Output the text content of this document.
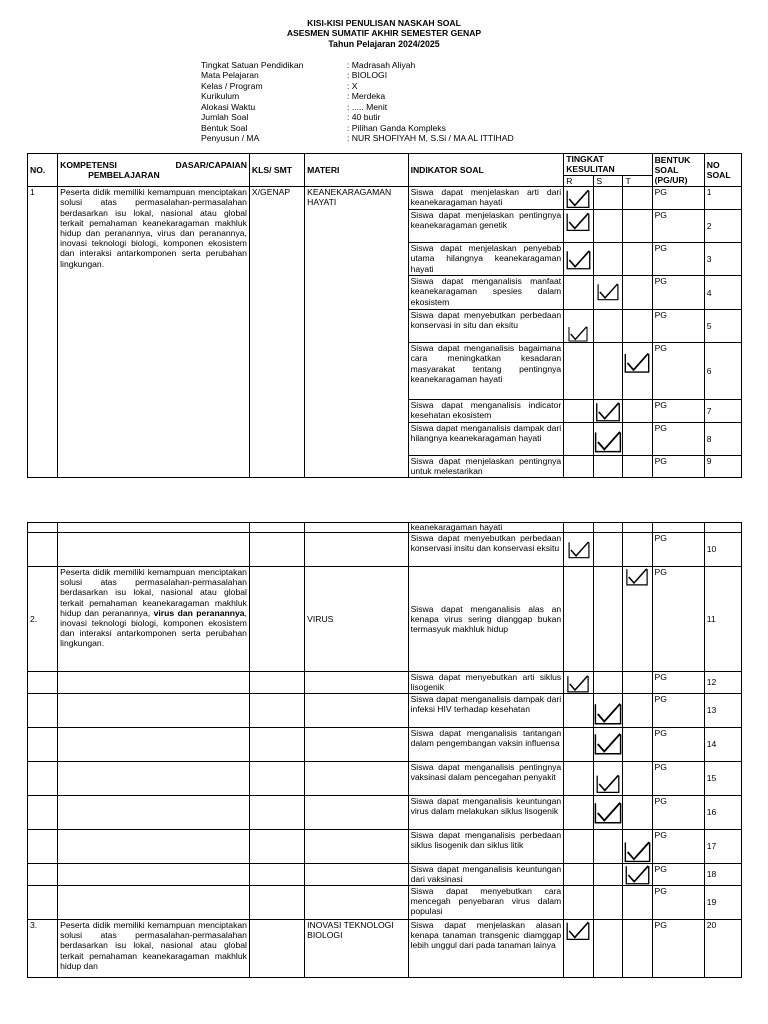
KISI-KISI PENULISAN NASKAH SOAL
ASESMEN SUMATIF AKHIR SEMESTER GENAP
Tahun Pelajaran 2024/2025
Tingkat Satuan Pendidikan	: Madrasah Aliyah
Mata Pelajaran	: BIOLOGI
Kelas / Program	: X
Kurikulum	: Merdeka
Alokasi Waktu	: ..... Menit
Jumlah Soal	: 40 butir
Bentuk Soal	: Pilihan Ganda Kompleks
Penyusun / MA	: NUR SHOFIYAH M, S.Si / MA AL ITTIHAD
NO.	KOMPETENSI DASAR/CAPAIAN
PEMBELAJARAN	KLS/ SMT	MATERI	INDIKATOR SOAL	TINGKAT KESULITAN			BENTUK SOAL (PG/UR)	NO SOAL
					R	S	T		
1	Peserta didik memiliki kemampuan menciptakan solusi atas permasalahan-permasalahan berdasarkan isu lokal, nasional atau global terkait pemahaman keanekaragaman makhluk hidup dan peranannya, virus dan peranannya, inovasi teknologi biologi, komponen ekosistem dan interaksi antarkomponen serta perubahan lingkungan.	X/GENAP	KEANEKARAGAMAN HAYATI	Siswa dapat menjelaskan arti dari keanekaragaman hayati				PG	1
				Siswa dapat menjelaskan pentingnya keanekaragaman genetik				PG	2
				Siswa dapat menjelaskan penyebab utama hilangnya keanekaragaman hayati				PG	3
				Siswa dapat menganalisis manfaat keanekaragaman spesies dalam ekosistem				PG	4
				Siswa dapat menyebutkan perbedaan konservasi in situ dan eksitu				PG	5
				Siswa dapat menganalisis bagaimana cara meningkatkan kesadaran masyarakat tentang pentingnya keanekaragaman hayati				PG	6
				Siswa dapat menganalisis indicator kesehatan ekosistem				PG	7
				Siswa dapat menganalisis dampak dari hilangnya keanekaragaman hayati				PG	8
				Siswa dapat menjelaskan pentingnya untuk melestarikan				PG	9
				keanekaragaman hayati					
				Siswa dapat menyebutkan perbedaan konservasi insitu dan konservasi eksitu				PG	10
2.	Peserta didik memiliki kemampuan menciptakan solusi atas permasalahan-permasalahan berdasarkan isu lokal, nasional atau global terkait pemahaman keanekaragaman makhluk hidup dan peranannya, virus dan peranannya, inovasi teknologi biologi, komponen ekosistem dan interaksi antarkomponen serta perubahan lingkungan.		VIRUS	Siswa dapat menganalisis alas an kenapa virus sering dianggap bukan termasyuk makhluk hidup				PG	11
				Siswa dapat menyebutkan arti siklus lisogenik				PG	12
				Siswa dapat menganalisis dampak dari infeksi HIV terhadap kesehatan				PG	13
				Siswa dapat menganalisis tantangan dalam pengembangan vaksin influensa				PG	14
				Siswa dapat menganalisis pentingnya vaksinasi dalam pencegahan penyakit				PG	15
				Siswa dapat menganalisis keuntungan virus dalam melakukan siklus lisogenik				PG	16
				Siswa dapat menganalisis perbedaan siklus lisogenik dan siklus litik				PG	17
				Siswa dapat menganalisis keuntungan dari vaksinasi				PG	18
				Siswa dapat menyebutkan cara mencegah penyebaran virus dalam populasi				PG	19
3.	Peserta didik memiliki kemampuan menciptakan solusi atas permasalahan-permasalahan berdasarkan isu lokal, nasional atau global terkait pemahaman keanekaragaman makhluk hidup dan		INOVASI TEKNOLOGI BIOLOGI	Siswa dapat menjelaskan alasan kenapa tanaman transgenic diamggap lebih unggul dari pada tanaman lainya				PG	20
